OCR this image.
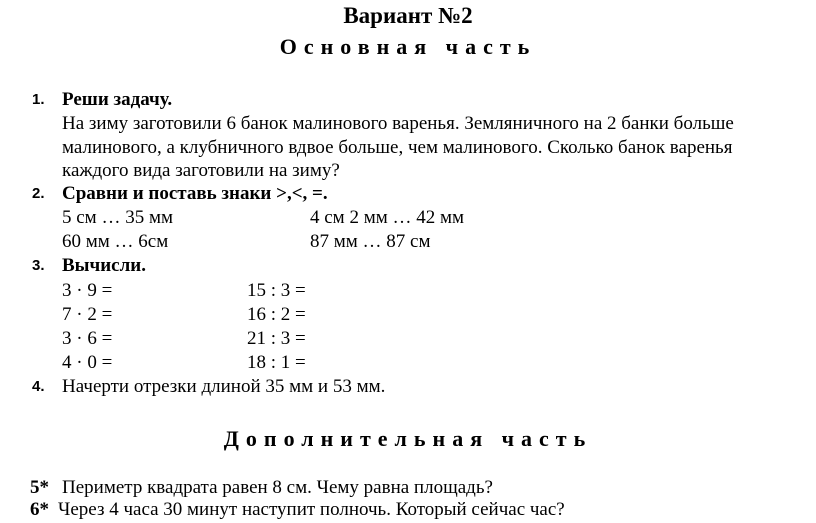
Вариант №2
Основная часть
1. Реши задачу.
На зиму заготовили 6 банок малинового варенья. Земляничного на 2 банки больше
малинового, а клубничного вдвое больше, чем малинового. Сколько банок варенья
каждого вида заготовили на зиму?
2. Сравни и поставь знаки >,<, =.
5 см … 35 мм	4 см 2 мм … 42 мм
60 мм … 6см	87 мм … 87 см
3. Вычисли.
3 · 9 =	15 : 3 =
7 · 2 =	16 : 2 =
3 · 6 =	21 : 3 =
4 · 0 =	18 : 1 =
4. Начерти отрезки длиной 35 мм и 53 мм.
Дополнительная часть
5* Периметр квадрата равен 8 см. Чему равна площадь?
6* Через 4 часа 30 минут наступит полночь. Который сейчас час?
